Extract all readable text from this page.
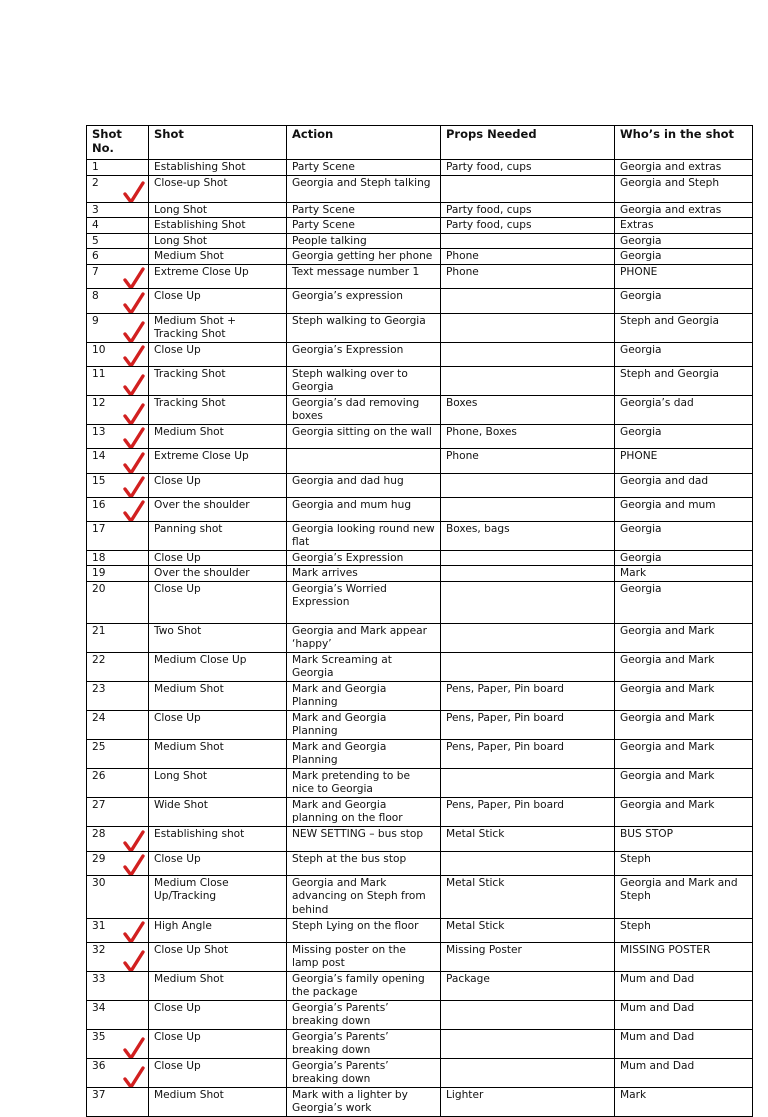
Shot
No.	Shot	Action	Props Needed	Who’s in the shot
1	Establishing Shot	Party Scene	Party food, cups	Georgia and extras
2	Close-up Shot	Georgia and Steph talking		Georgia and Steph
3	Long Shot	Party Scene	Party food, cups	Georgia and extras
4	Establishing Shot	Party Scene	Party food, cups	Extras
5	Long Shot	People talking		Georgia
6	Medium Shot	Georgia getting her phone	Phone	Georgia
7	Extreme Close Up	Text message number 1	Phone	PHONE
8	Close Up	Georgia’s expression		Georgia
9	Medium Shot + Tracking Shot	Steph walking to Georgia		Steph and Georgia
10	Close Up	Georgia’s Expression		Georgia
11	Tracking Shot	Steph walking over to Georgia		Steph and Georgia
12	Tracking Shot	Georgia’s dad removing boxes	Boxes	Georgia’s dad
13	Medium Shot	Georgia sitting on the wall	Phone, Boxes	Georgia
14	Extreme Close Up		Phone	PHONE
15	Close Up	Georgia and dad hug		Georgia and dad
16	Over the shoulder	Georgia and mum hug		Georgia and mum
17	Panning shot	Georgia looking round new flat	Boxes, bags	Georgia
18	Close Up	Georgia’s Expression		Georgia
19	Over the shoulder	Mark arrives		Mark
20	Close Up	Georgia’s Worried Expression		Georgia
21	Two Shot	Georgia and Mark appear ‘happy’		Georgia and Mark
22	Medium Close Up	Mark Screaming at Georgia		Georgia and Mark
23	Medium Shot	Mark and Georgia Planning	Pens, Paper, Pin board	Georgia and Mark
24	Close Up	Mark and Georgia Planning	Pens, Paper, Pin board	Georgia and Mark
25	Medium Shot	Mark and Georgia Planning	Pens, Paper, Pin board	Georgia and Mark
26	Long Shot	Mark pretending to be nice to Georgia		Georgia and Mark
27	Wide Shot	Mark and Georgia planning on the floor	Pens, Paper, Pin board	Georgia and Mark
28	Establishing shot	NEW SETTING – bus stop	Metal Stick	BUS STOP
29	Close Up	Steph at the bus stop		Steph
30	Medium Close Up/Tracking	Georgia and Mark advancing on Steph from behind	Metal Stick	Georgia and Mark and Steph
31	High Angle	Steph Lying on the floor	Metal Stick	Steph
32	Close Up Shot	Missing poster on the lamp post	Missing Poster	MISSING POSTER
33	Medium Shot	Georgia’s family opening the package	Package	Mum and Dad
34	Close Up	Georgia’s Parents’ breaking down		Mum and Dad
35	Close Up	Georgia’s Parents’ breaking down		Mum and Dad
36	Close Up	Georgia’s Parents’ breaking down		Mum and Dad
37	Medium Shot	Mark with a lighter by Georgia’s work	Lighter	Mark
